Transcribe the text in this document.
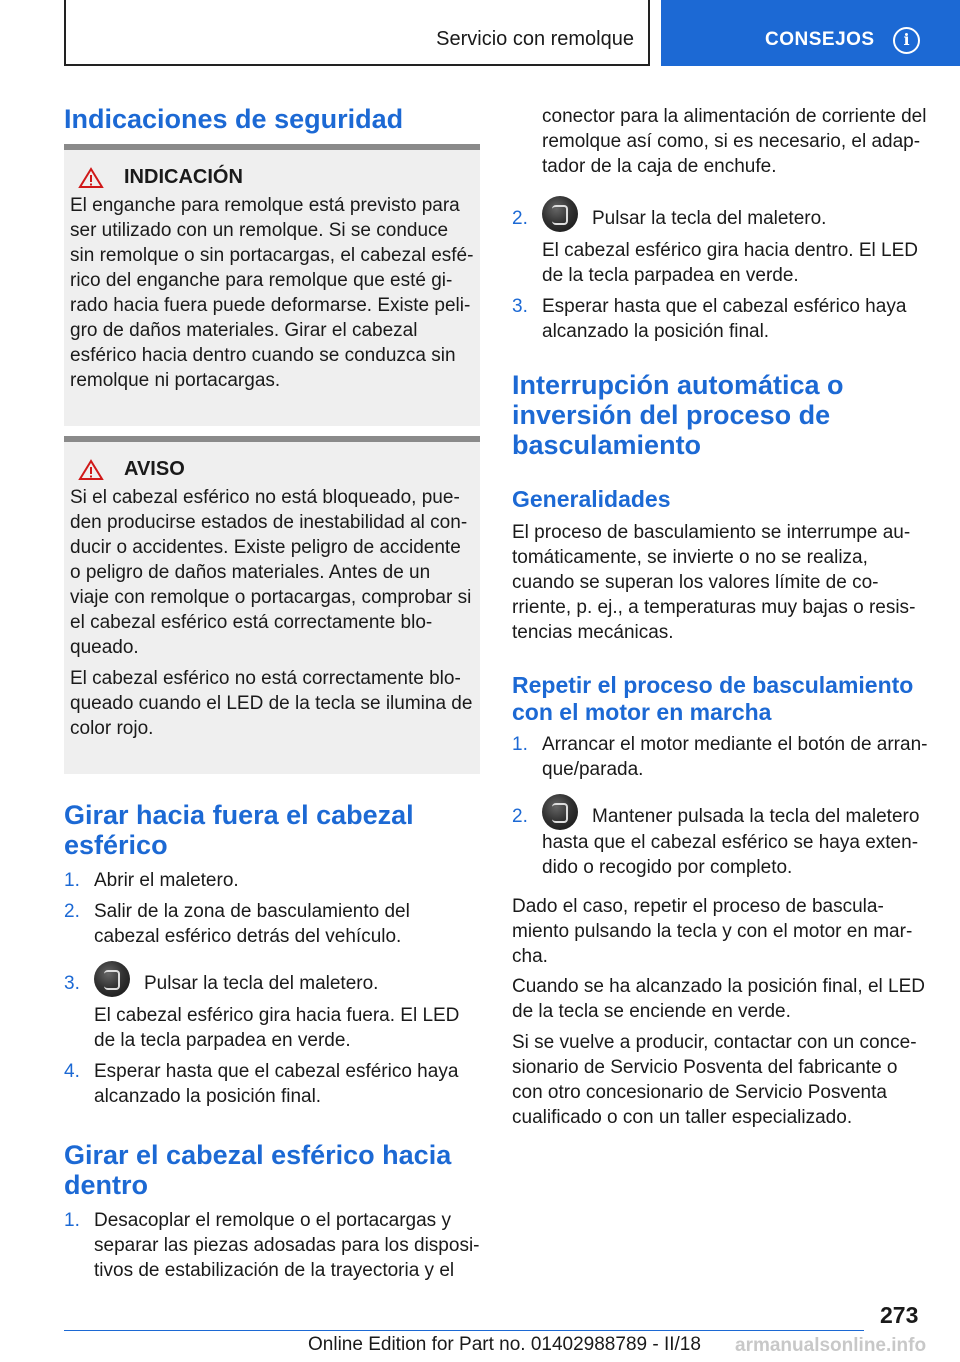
Servicio con remolque	CONSEJOS	i
Indicaciones de seguridad
INDICACIÓN
El enganche para remolque está previsto para ser utilizado con un remolque. Si se conduce sin remolque o sin portacargas, el cabezal esférico del enganche para remolque que esté girado hacia fuera puede deformarse. Existe peligro de daños materiales. Girar el cabezal esférico hacia dentro cuando se conduzca sin remolque ni portacargas.
AVISO
Si el cabezal esférico no está bloqueado, pueden producirse estados de inestabilidad al conducir o accidentes. Existe peligro de accidente o peligro de daños materiales. Antes de un viaje con remolque o portacargas, comprobar si el cabezal esférico está correctamente bloqueado.
El cabezal esférico no está correctamente bloqueado cuando el LED de la tecla se ilumina de color rojo.
Girar hacia fuera el cabezal esférico
1. Abrir el maletero.
2. Salir de la zona de basculamiento del cabezal esférico detrás del vehículo.
3.	Pulsar la tecla del maletero.
El cabezal esférico gira hacia fuera. El LED de la tecla parpadea en verde.
4. Esperar hasta que el cabezal esférico haya alcanzado la posición final.
Girar el cabezal esférico hacia dentro
1. Desacoplar el remolque o el portacargas y separar las piezas adosadas para los dispositivos de estabilización de la trayectoria y el
conector para la alimentación de corriente del remolque así como, si es necesario, el adaptador de la caja de enchufe.
2.	Pulsar la tecla del maletero.
El cabezal esférico gira hacia dentro. El LED de la tecla parpadea en verde.
3. Esperar hasta que el cabezal esférico haya alcanzado la posición final.
Interrupción automática o inversión del proceso de basculamiento
Generalidades
El proceso de basculamiento se interrumpe automáticamente, se invierte o no se realiza, cuando se superan los valores límite de corriente, p. ej., a temperaturas muy bajas o resistencias mecánicas.
Repetir el proceso de basculamiento con el motor en marcha
1. Arrancar el motor mediante el botón de arranque/parada.
2.	Mantener pulsada la tecla del maletero hasta que el cabezal esférico se haya extendido o recogido por completo.
Dado el caso, repetir el proceso de basculamiento pulsando la tecla y con el motor en marcha.
Cuando se ha alcanzado la posición final, el LED de la tecla se enciende en verde.
Si se vuelve a producir, contactar con un concesionario de Servicio Posventa del fabricante o con otro concesionario de Servicio Posventa cualificado o con un taller especializado.
273
Online Edition for Part no. 01402988789 - II/18 armanualsonline.info
